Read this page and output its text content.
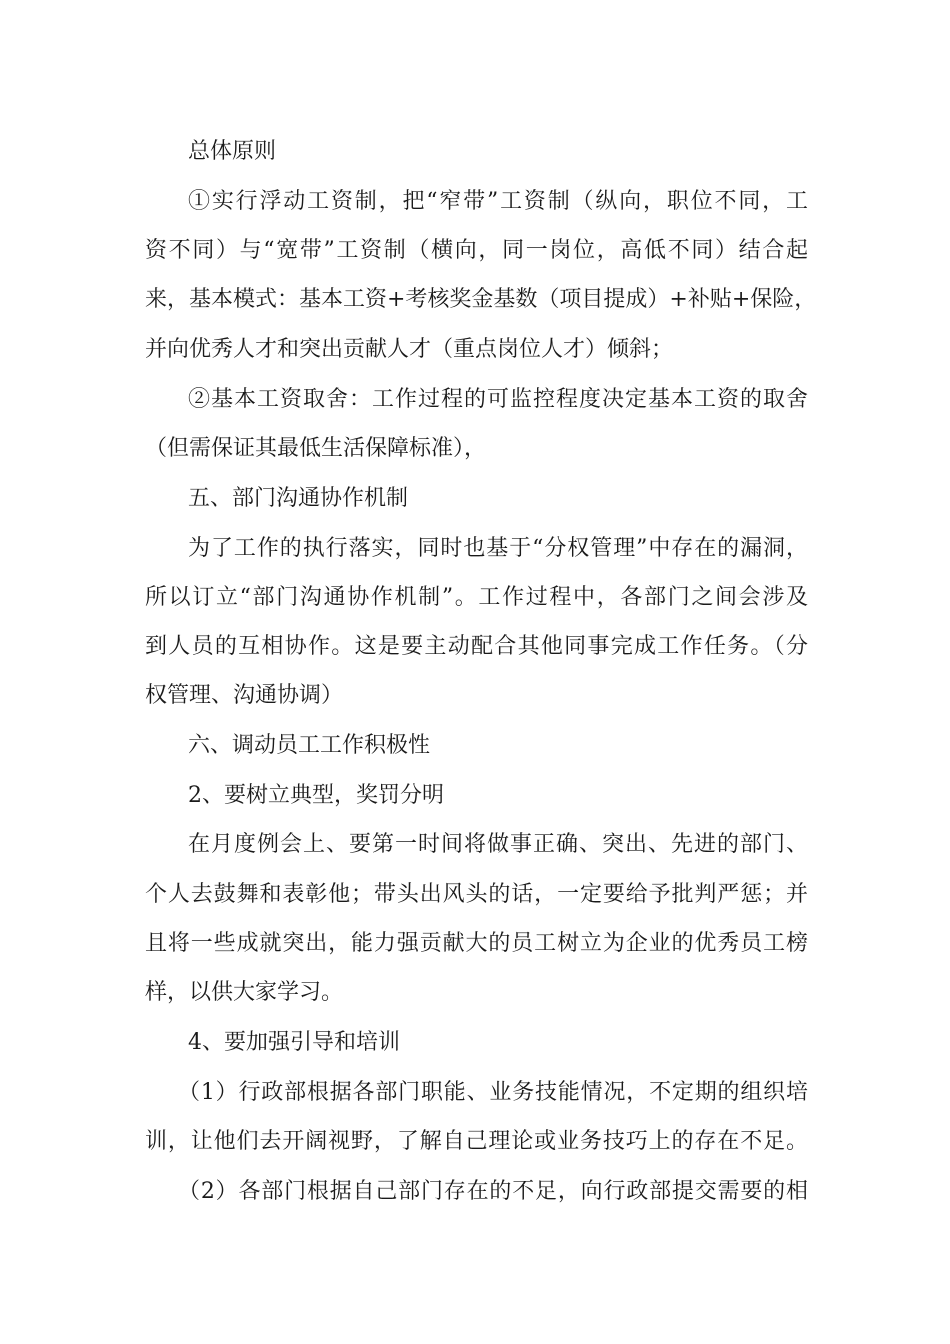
总体原则
①实行浮动工资制，把“窄带”工资制（纵向，职位不同，工
资不同）与“宽带”工资制（横向，同一岗位，高低不同）结合起
来，基本模式：基本工资+考核奖金基数（项目提成）+补贴+保险，
并向优秀人才和突出贡献人才（重点岗位人才）倾斜；
②基本工资取舍：工作过程的可监控程度决定基本工资的取舍
（但需保证其最低生活保障标准），
五、部门沟通协作机制
为了工作的执行落实，同时也基于“分权管理”中存在的漏洞，
所以订立“部门沟通协作机制”。工作过程中，各部门之间会涉及
到人员的互相协作。这是要主动配合其他同事完成工作任务。（分
权管理、沟通协调）
六、调动员工工作积极性
2、要树立典型，奖罚分明
在月度例会上、要第一时间将做事正确、突出、先进的部门、
个人去鼓舞和表彰他；带头出风头的话，一定要给予批判严惩；并
且将一些成就突出，能力强贡献大的员工树立为企业的优秀员工榜
样，以供大家学习。
4、要加强引导和培训
（1）行政部根据各部门职能、业务技能情况，不定期的组织培
训，让他们去开阔视野，了解自己理论或业务技巧上的存在不足。
（2）各部门根据自己部门存在的不足，向行政部提交需要的相
